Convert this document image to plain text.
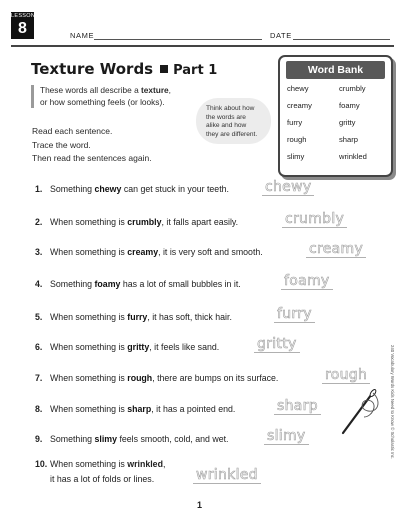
LESSON
8	NAME	DATE
Texture Words Part 1
These words all describe a texture,
or how something feels (or looks).
Read each sentence.
Trace the word.
Then read the sentences again.
Think about how
the words are
alike and how
they are different.
Word Bank
chewy	crumbly
creamy	foamy
furry	gritty
rough	sharp
slimy	wrinkled
1. Something chewy can get stuck in your teeth.	chewy
2. When something is crumbly, it falls apart easily.	crumbly
3. When something is creamy, it is very soft and smooth.	creamy
4. Something foamy has a lot of small bubbles in it.	foamy
5. When something is furry, it has soft, thick hair.	furry
6. When something is gritty, it feels like sand.	gritty
7. When something is rough, there are bumps on its surface.	rough
8. When something is sharp, it has a pointed end.	sharp
9. Something slimy feels smooth, cold, and wet.	slimy
10. When something is wrinkled,
it has a lot of folds or lines.	wrinkled
240 Vocabulary Words Kids Need to Know © Scholastic Inc.
1
